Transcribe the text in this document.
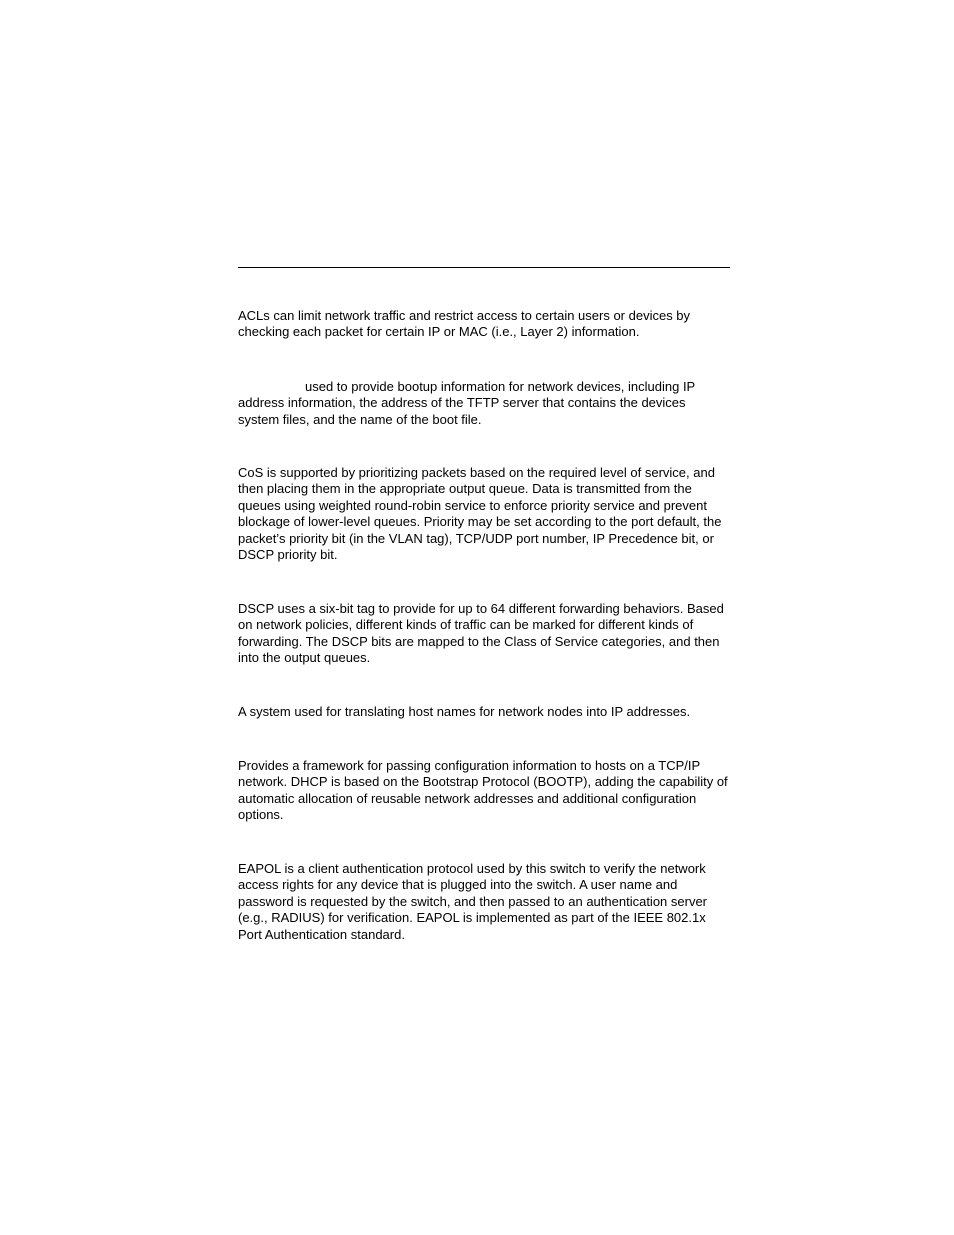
ACLs can limit network traffic and restrict access to certain users or devices by checking each packet for certain IP or MAC (i.e., Layer 2) information.

used to provide bootup information for network devices, including IP address information, the address of the TFTP server that contains the devices system files, and the name of the boot file.

CoS is supported by prioritizing packets based on the required level of service, and then placing them in the appropriate output queue. Data is transmitted from the queues using weighted round-robin service to enforce priority service and prevent blockage of lower-level queues. Priority may be set according to the port default, the packet’s priority bit (in the VLAN tag), TCP/UDP port number, IP Precedence bit, or DSCP priority bit.

DSCP uses a six-bit tag to provide for up to 64 different forwarding behaviors. Based on network policies, different kinds of traffic can be marked for different kinds of forwarding. The DSCP bits are mapped to the Class of Service categories, and then into the output queues.

A system used for translating host names for network nodes into IP addresses.

Provides a framework for passing configuration information to hosts on a TCP/IP network. DHCP is based on the Bootstrap Protocol (BOOTP), adding the capability of automatic allocation of reusable network addresses and additional configuration options.

EAPOL is a client authentication protocol used by this switch to verify the network access rights for any device that is plugged into the switch. A user name and password is requested by the switch, and then passed to an authentication server (e.g., RADIUS) for verification. EAPOL is implemented as part of the IEEE 802.1x Port Authentication standard.
